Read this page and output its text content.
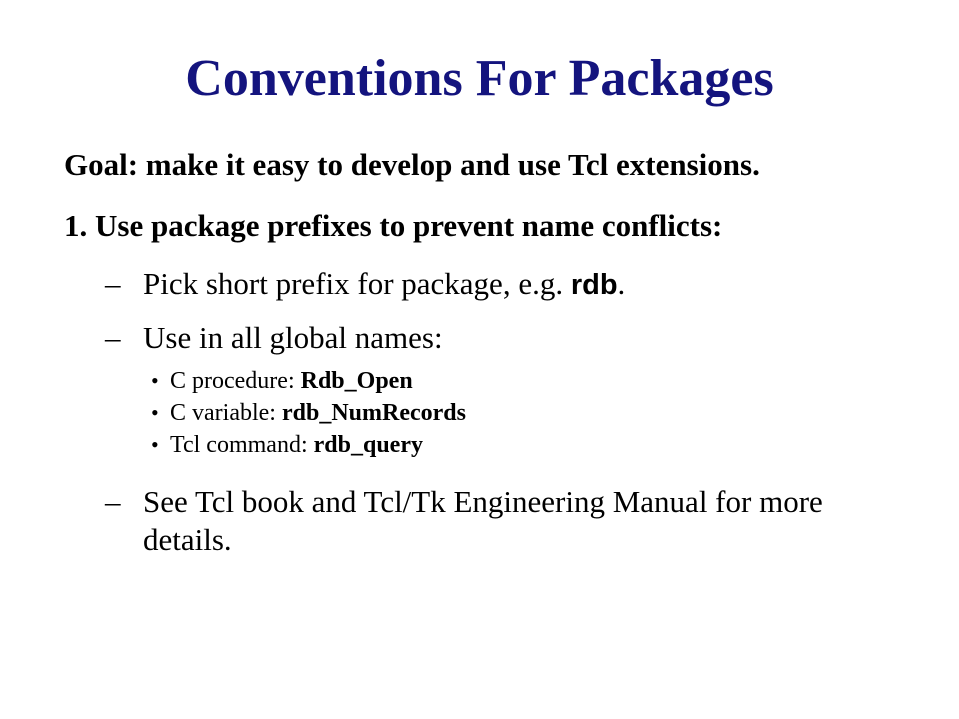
Conventions For Packages
Goal: make it easy to develop and use Tcl extensions.
1. Use package prefixes to prevent name conflicts:
– Pick short prefix for package, e.g. rdb.
– Use in all global names:
• C procedure: Rdb_Open
• C variable: rdb_NumRecords
• Tcl command: rdb_query
– See Tcl book and Tcl/Tk Engineering Manual for more details.
